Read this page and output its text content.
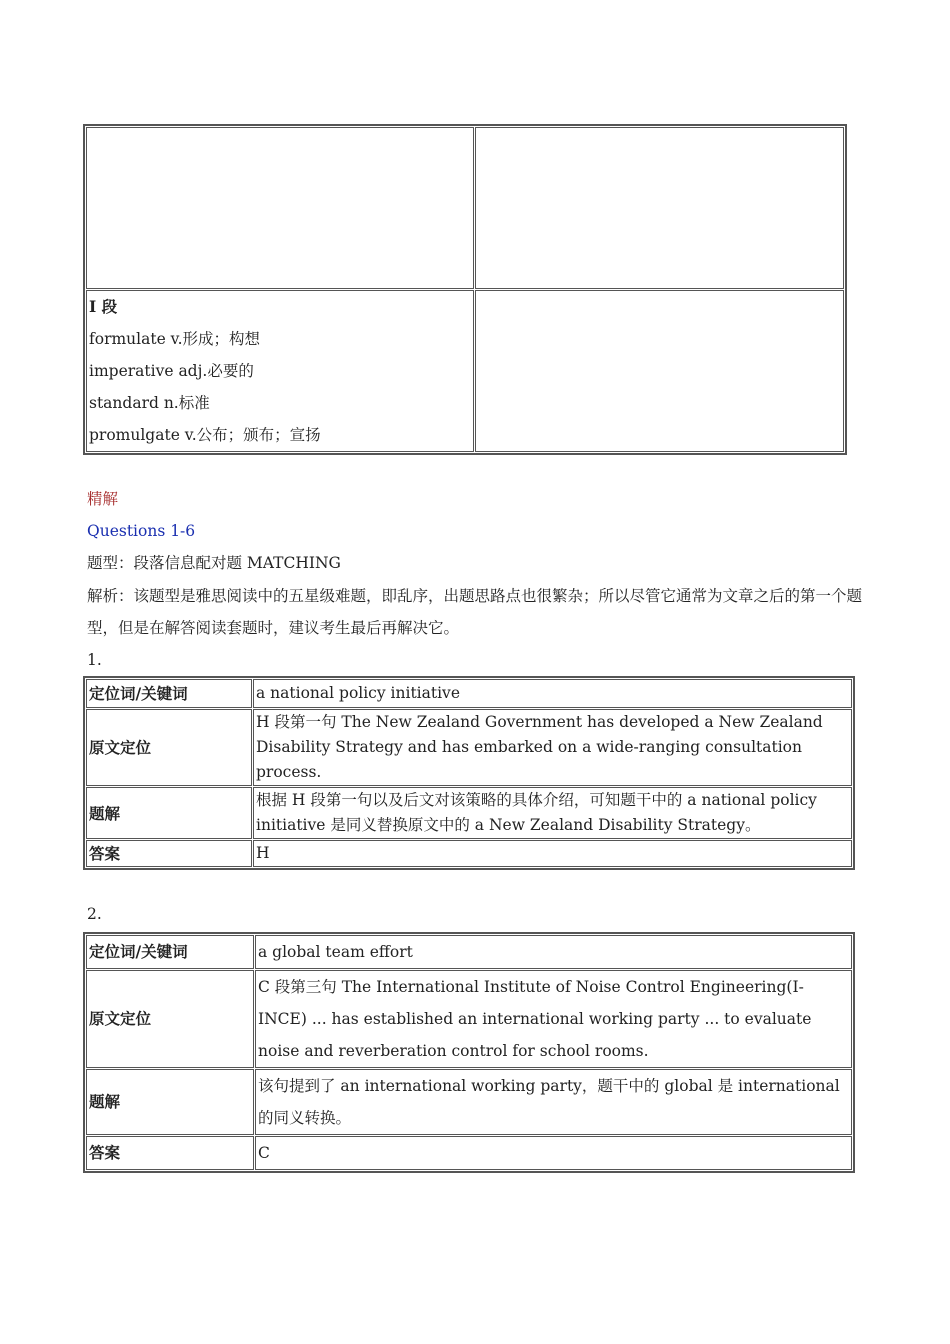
I 段
formulate v.形成；构想
imperative adj.必要的
standard n.标准
promulgate v.公布；颁布；宣扬	

精解
Questions 1-6
题型：段落信息配对题 MATCHING
解析：该题型是雅思阅读中的五星级难题，即乱序，出题思路点也很繁杂；所以尽管它通常为文章之后的第一个题型，但是在解答阅读套题时，建议考生最后再解决它。
1.
定位词/关键词	a national policy initiative
原文定位	H 段第一句 The New Zealand Government has developed a New Zealand Disability Strategy and has embarked on a wide-ranging consultation process.
题解	根据 H 段第一句以及后文对该策略的具体介绍，可知题干中的 a national policy initiative 是同义替换原文中的 a New Zealand Disability Strategy。
答案	H
2.
定位词/关键词	a global team effort
原文定位	C 段第三句 The International Institute of Noise Control Engineering(I-INCE) ... has established an international working party ... to evaluate noise and reverberation control for school rooms.
题解	该句提到了 an international working party，题干中的 global 是 international 的同义转换。
答案	C
